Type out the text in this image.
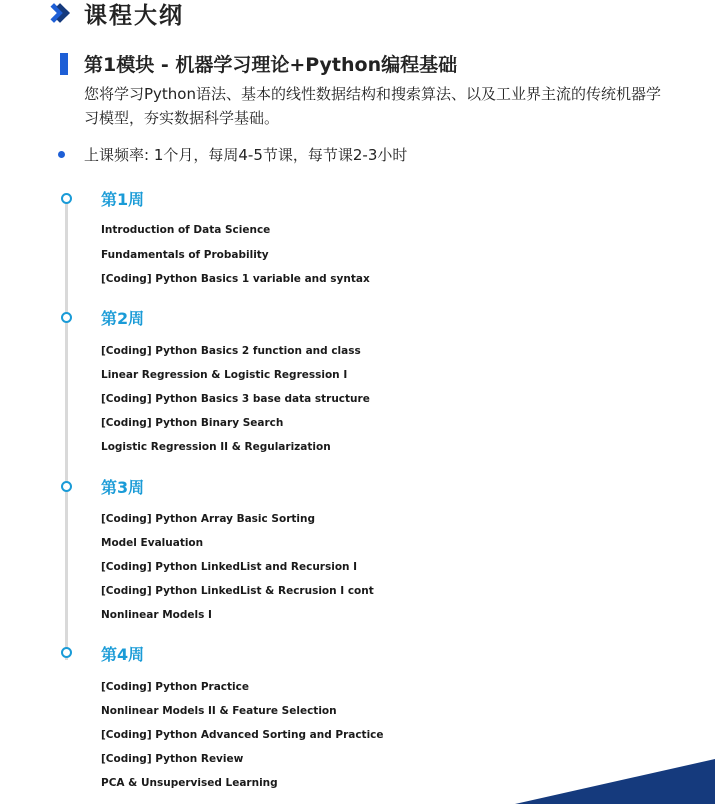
课程大纲
第1模块 - 机器学习理论+Python编程基础
您将学习Python语法、基本的线性数据结构和搜索算法、以及工业界主流的传统机器学习模型，夯实数据科学基础。
上课频率: 1个月，每周4-5节课，每节课2-3小时
第1周
Introduction of Data Science
Fundamentals of Probability
[Coding] Python Basics 1 variable and syntax
第2周
[Coding] Python Basics 2 function and class
Linear Regression & Logistic Regression I
[Coding] Python Basics 3 base data structure
[Coding] Python Binary Search
Logistic Regression II & Regularization
第3周
[Coding] Python Array Basic Sorting
Model Evaluation
[Coding] Python LinkedList and Recursion I
[Coding] Python LinkedList & Recrusion I cont
Nonlinear Models I
第4周
[Coding] Python Practice
Nonlinear Models II & Feature Selection
[Coding] Python Advanced Sorting and Practice
[Coding] Python Review
PCA & Unsupervised Learning
